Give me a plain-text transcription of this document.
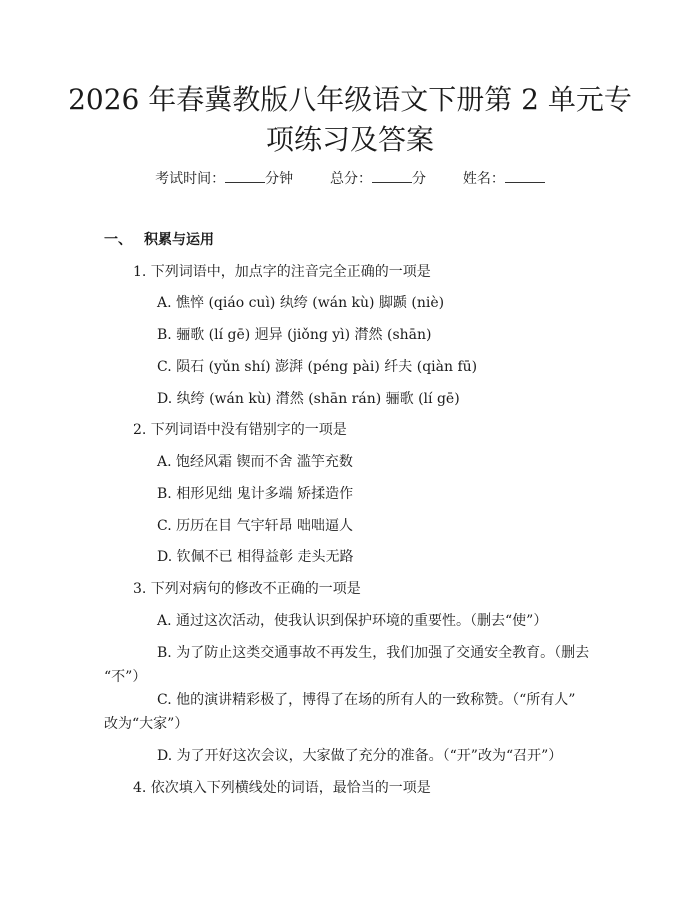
2026 年春冀教版八年级语文下册第 2 单元专
项练习及答案
考试时间：	分钟	总分：	分	姓名：
一、 积累与运用
1. 下列词语中，加点字的注音完全正确的一项是
A. 憔悴 (qiáo cuì) 纨绔 (wán kù) 脚踬 (niè)
B. 骊歌 (lí gē) 迥异 (jiǒng yì) 潸然 (shān)
C. 陨石 (yǔn shí) 澎湃 (péng pài) 纤夫 (qiàn fū)
D. 纨绔 (wán kù) 潸然 (shān rán) 骊歌 (lí gē)
2. 下列词语中没有错别字的一项是
A. 饱经风霜 锲而不舍 滥竽充数
B. 相形见绌 鬼计多端 矫揉造作
C. 历历在目 气宇轩昂 咄咄逼人
D. 钦佩不已 相得益彰 走头无路
3. 下列对病句的修改不正确的一项是
A. 通过这次活动，使我认识到保护环境的重要性。（删去“使”）
B. 为了防止这类交通事故不再发生，我们加强了交通安全教育。（删去
“不”）
C. 他的演讲精彩极了，博得了在场的所有人的一致称赞。（“所有人”
改为“大家”）
D. 为了开好这次会议，大家做了充分的准备。（“开”改为“召开”）
4. 依次填入下列横线处的词语，最恰当的一项是
